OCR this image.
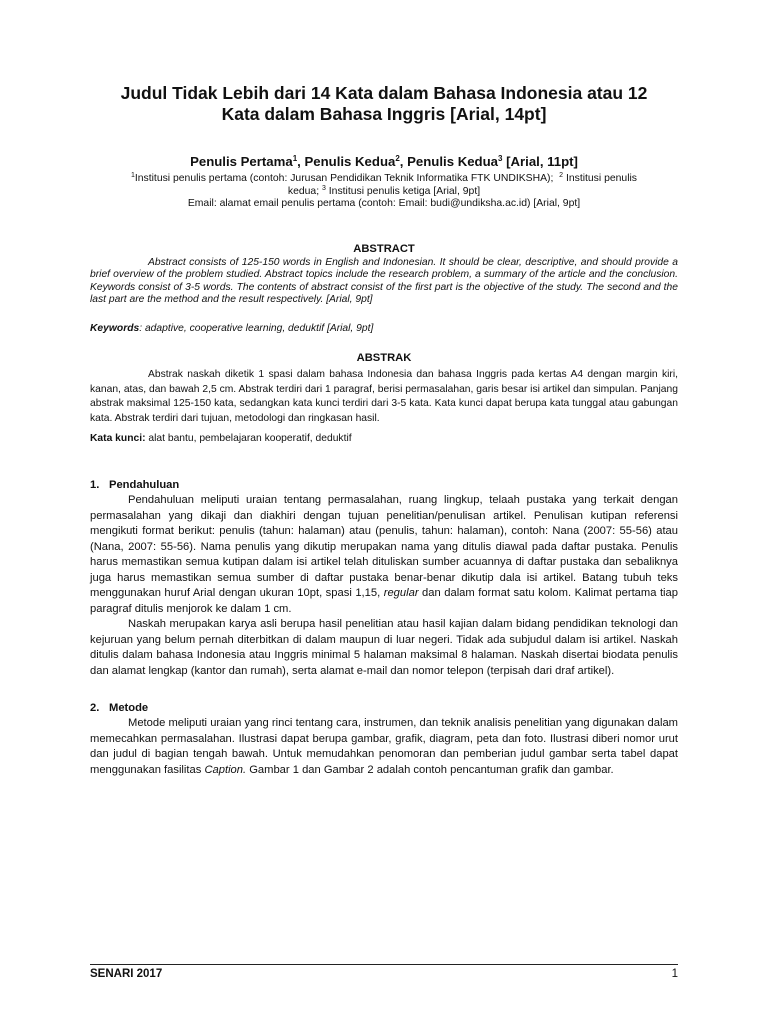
Judul Tidak Lebih dari 14 Kata dalam Bahasa Indonesia atau 12
Kata dalam Bahasa Inggris [Arial, 14pt]
Penulis Pertama$^1$, Penulis Kedua$^2$, Penulis Kedua$^3$ [Arial, 11pt]
$^1$Institusi penulis pertama (contoh: Jurusan Pendidikan Teknik Informatika FTK UNDIKSHA); $^2$ Institusi penulis
kedua; $^3$ Institusi penulis ketiga [Arial, 9pt]
Email: alamat email penulis pertama (contoh: Email: budi@undiksha.ac.id) [Arial, 9pt]
ABSTRACT
Abstract consists of 125-150 words in English and Indonesian. It should be clear, descriptive, and should provide a brief overview of the problem studied. Abstract topics include the research problem, a summary of the article and the conclusion. Keywords consist of 3-5 words. The contents of abstract consist of the first part is the objective of the study. The second and the last part are the method and the result respectively. [Arial, 9pt]
Keywords: adaptive, cooperative learning, deduktif [Arial, 9pt]
ABSTRAK
Abstrak naskah diketik 1 spasi dalam bahasa Indonesia dan bahasa Inggris pada kertas A4 dengan margin kiri, kanan, atas, dan bawah 2,5 cm. Abstrak terdiri dari 1 paragraf, berisi permasalahan, garis besar isi artikel dan simpulan. Panjang abstrak maksimal 125-150 kata, sedangkan kata kunci terdiri dari 3-5 kata. Kata kunci dapat berupa kata tunggal atau gabungan kata. Abstrak terdiri dari tujuan, metodologi dan ringkasan hasil.
Kata kunci: alat bantu, pembelajaran kooperatif, deduktif
1. Pendahuluan

Pendahuluan meliputi uraian tentang permasalahan, ruang lingkup, telaah pustaka yang terkait dengan permasalahan yang dikaji dan diakhiri dengan tujuan penelitian/penulisan artikel. Penulisan kutipan referensi mengikuti format berikut: penulis (tahun: halaman) atau (penulis, tahun: halaman), contoh: Nana (2007: 55-56) atau (Nana, 2007: 55-56). Nama penulis yang dikutip merupakan nama yang ditulis diawal pada daftar pustaka. Penulis harus memastikan semua kutipan dalam isi artikel telah dituliskan sumber acuannya di daftar pustaka dan sebaliknya juga harus memastikan semua sumber di daftar pustaka benar-benar dikutip dala isi artikel. Batang tubuh teks menggunakan huruf Arial dengan ukuran 10pt, spasi 1,15, regular dan dalam format satu kolom. Kalimat pertama tiap paragraf ditulis menjorok ke dalam 1 cm.

Naskah merupakan karya asli berupa hasil penelitian atau hasil kajian dalam bidang pendidikan teknologi dan kejuruan yang belum pernah diterbitkan di dalam maupun di luar negeri. Tidak ada subjudul dalam isi artikel. Naskah ditulis dalam bahasa Indonesia atau Inggris minimal 5 halaman maksimal 8 halaman. Naskah disertai biodata penulis dan alamat lengkap (kantor dan rumah), serta alamat e-mail dan nomor telepon (terpisah dari draf artikel).

2. Metode

Metode meliputi uraian yang rinci tentang cara, instrumen, dan teknik analisis penelitian yang digunakan dalam memecahkan permasalahan. Ilustrasi dapat berupa gambar, grafik, diagram, peta dan foto. Ilustrasi diberi nomor urut dan judul di bagian tengah bawah. Untuk memudahkan penomoran dan pemberian judul gambar serta tabel dapat menggunakan fasilitas Caption. Gambar 1 dan Gambar 2 adalah contoh pencantuman grafik dan gambar.

SENARI 2017	1
